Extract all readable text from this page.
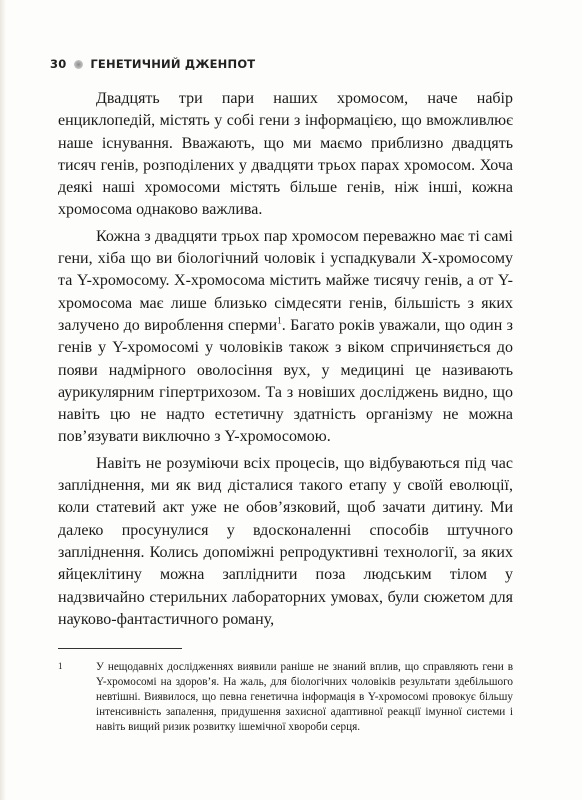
30 ГЕНЕТИЧНИЙ ДЖЕНПОТ

Двадцять три пари наших хромосом, наче набір енциклопедій, містять у собі гени з інформацією, що вможливлює наше існування. Вважають, що ми маємо приблизно двадцять тисяч генів, розподілених у двадцяти трьох парах хромосом. Хоча деякі наші хромосоми містять більше генів, ніж інші, кожна хромосома однаково важлива.

Кожна з двадцяти трьох пар хромосом переважно має ті самі гени, хіба що ви біологічний чоловік і успадкували X-хромосому та Y-хромосому. X-хромосома містить майже тисячу генів, а от Y-хромосома має лише близько сімдесяти генів, більшість з яких залучено до вироблення сперми$^1$. Багато років уважали, що один з генів у Y-хромосомі у чоловіків також з віком спричиняється до появи надмірного оволосіння вух, у медицині це називають аурикулярним гіпертрихозом. Та з новіших досліджень видно, що навіть цю не надто естетичну здатність організму не можна пов’язувати виключно з Y-хромосомою.

Навіть не розуміючи всіх процесів, що відбуваються під час запліднення, ми як вид дісталися такого етапу у своїй еволюції, коли статевий акт уже не обов’язковий, щоб зачати дитину. Ми далеко просунулися у вдосконаленні способів штучного запліднення. Колись допоміжні репродуктивні технології, за яких яйцеклітину можна запліднити поза людським тілом у надзвичайно стерильних лабораторних умовах, були сюжетом для науково-фантастичного роману,

1	У нещодавніх дослідженнях виявили раніше не знаний вплив, що справляють гени в Y-хромосомі на здоров’я. На жаль, для біологічних чоловіків результати здебільшого невтішні. Виявилося, що певна генетична інформація в Y-хромосомі провокує більшу інтенсивність запалення, придушення захисної адаптивної реакції імунної системи і навіть вищий ризик розвитку ішемічної хвороби серця.
